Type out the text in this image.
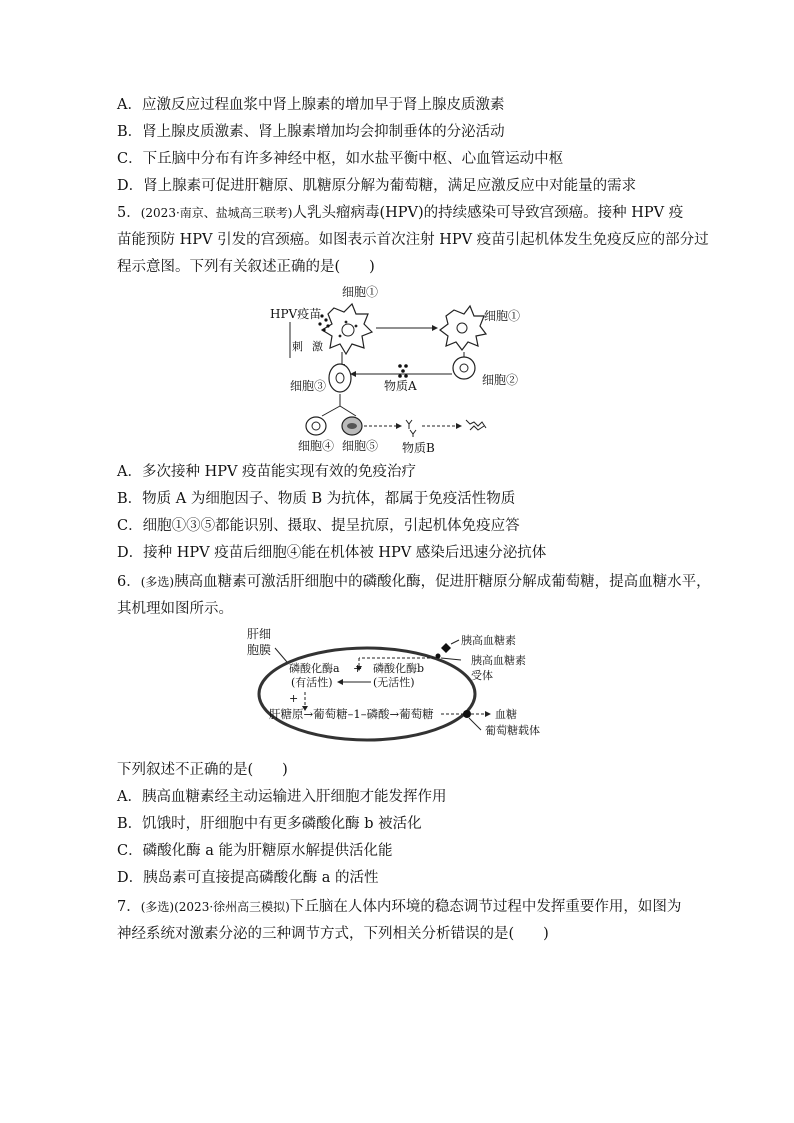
A．应激反应过程血浆中肾上腺素的增加早于肾上腺皮质激素
B．肾上腺皮质激素、肾上腺素增加均会抑制垂体的分泌活动
C．下丘脑中分布有许多神经中枢，如水盐平衡中枢、心血管运动中枢
D．肾上腺素可促进肝糖原、肌糖原分解为葡萄糖，满足应激反应中对能量的需求
5．(2023·南京、盐城高三联考)人乳头瘤病毒(HPV)的持续感染可导致宫颈癌。接种 HPV 疫
苗能预防 HPV 引发的宫颈癌。如图表示首次注射 HPV 疫苗引起机体发生免疫反应的部分过
程示意图。下列有关叙述正确的是(　　)
HPV疫苗
细胞①
细胞①
细胞②
物质A
刺 激
细胞③
细胞④ 细胞⑤ 物质B
A．多次接种 HPV 疫苗能实现有效的免疫治疗
B．物质 A 为细胞因子、物质 B 为抗体，都属于免疫活性物质
C．细胞①③⑤都能识别、摄取、提呈抗原，引起机体免疫应答
D．接种 HPV 疫苗后细胞④能在机体被 HPV 感染后迅速分泌抗体
6．(多选)胰高血糖素可激活肝细胞中的磷酸化酶，促进肝糖原分解成葡萄糖，提高血糖水平，
其机理如图所示。
肝细
胞膜
胰高血糖素
胰高血糖素
受体
磷酸化酶a
(有活性)
磷酸化酶b
(无活性)
+
+
肝糖原→葡萄糖–1–磷酸→葡萄糖	血糖
葡萄糖载体
下列叙述不正确的是(　　)
A．胰高血糖素经主动运输进入肝细胞才能发挥作用
B．饥饿时，肝细胞中有更多磷酸化酶 b 被活化
C．磷酸化酶 a 能为肝糖原水解提供活化能
D．胰岛素可直接提高磷酸化酶 a 的活性
7．(多选)(2023·徐州高三模拟)下丘脑在人体内环境的稳态调节过程中发挥重要作用，如图为
神经系统对激素分泌的三种调节方式，下列相关分析错误的是(　　)
